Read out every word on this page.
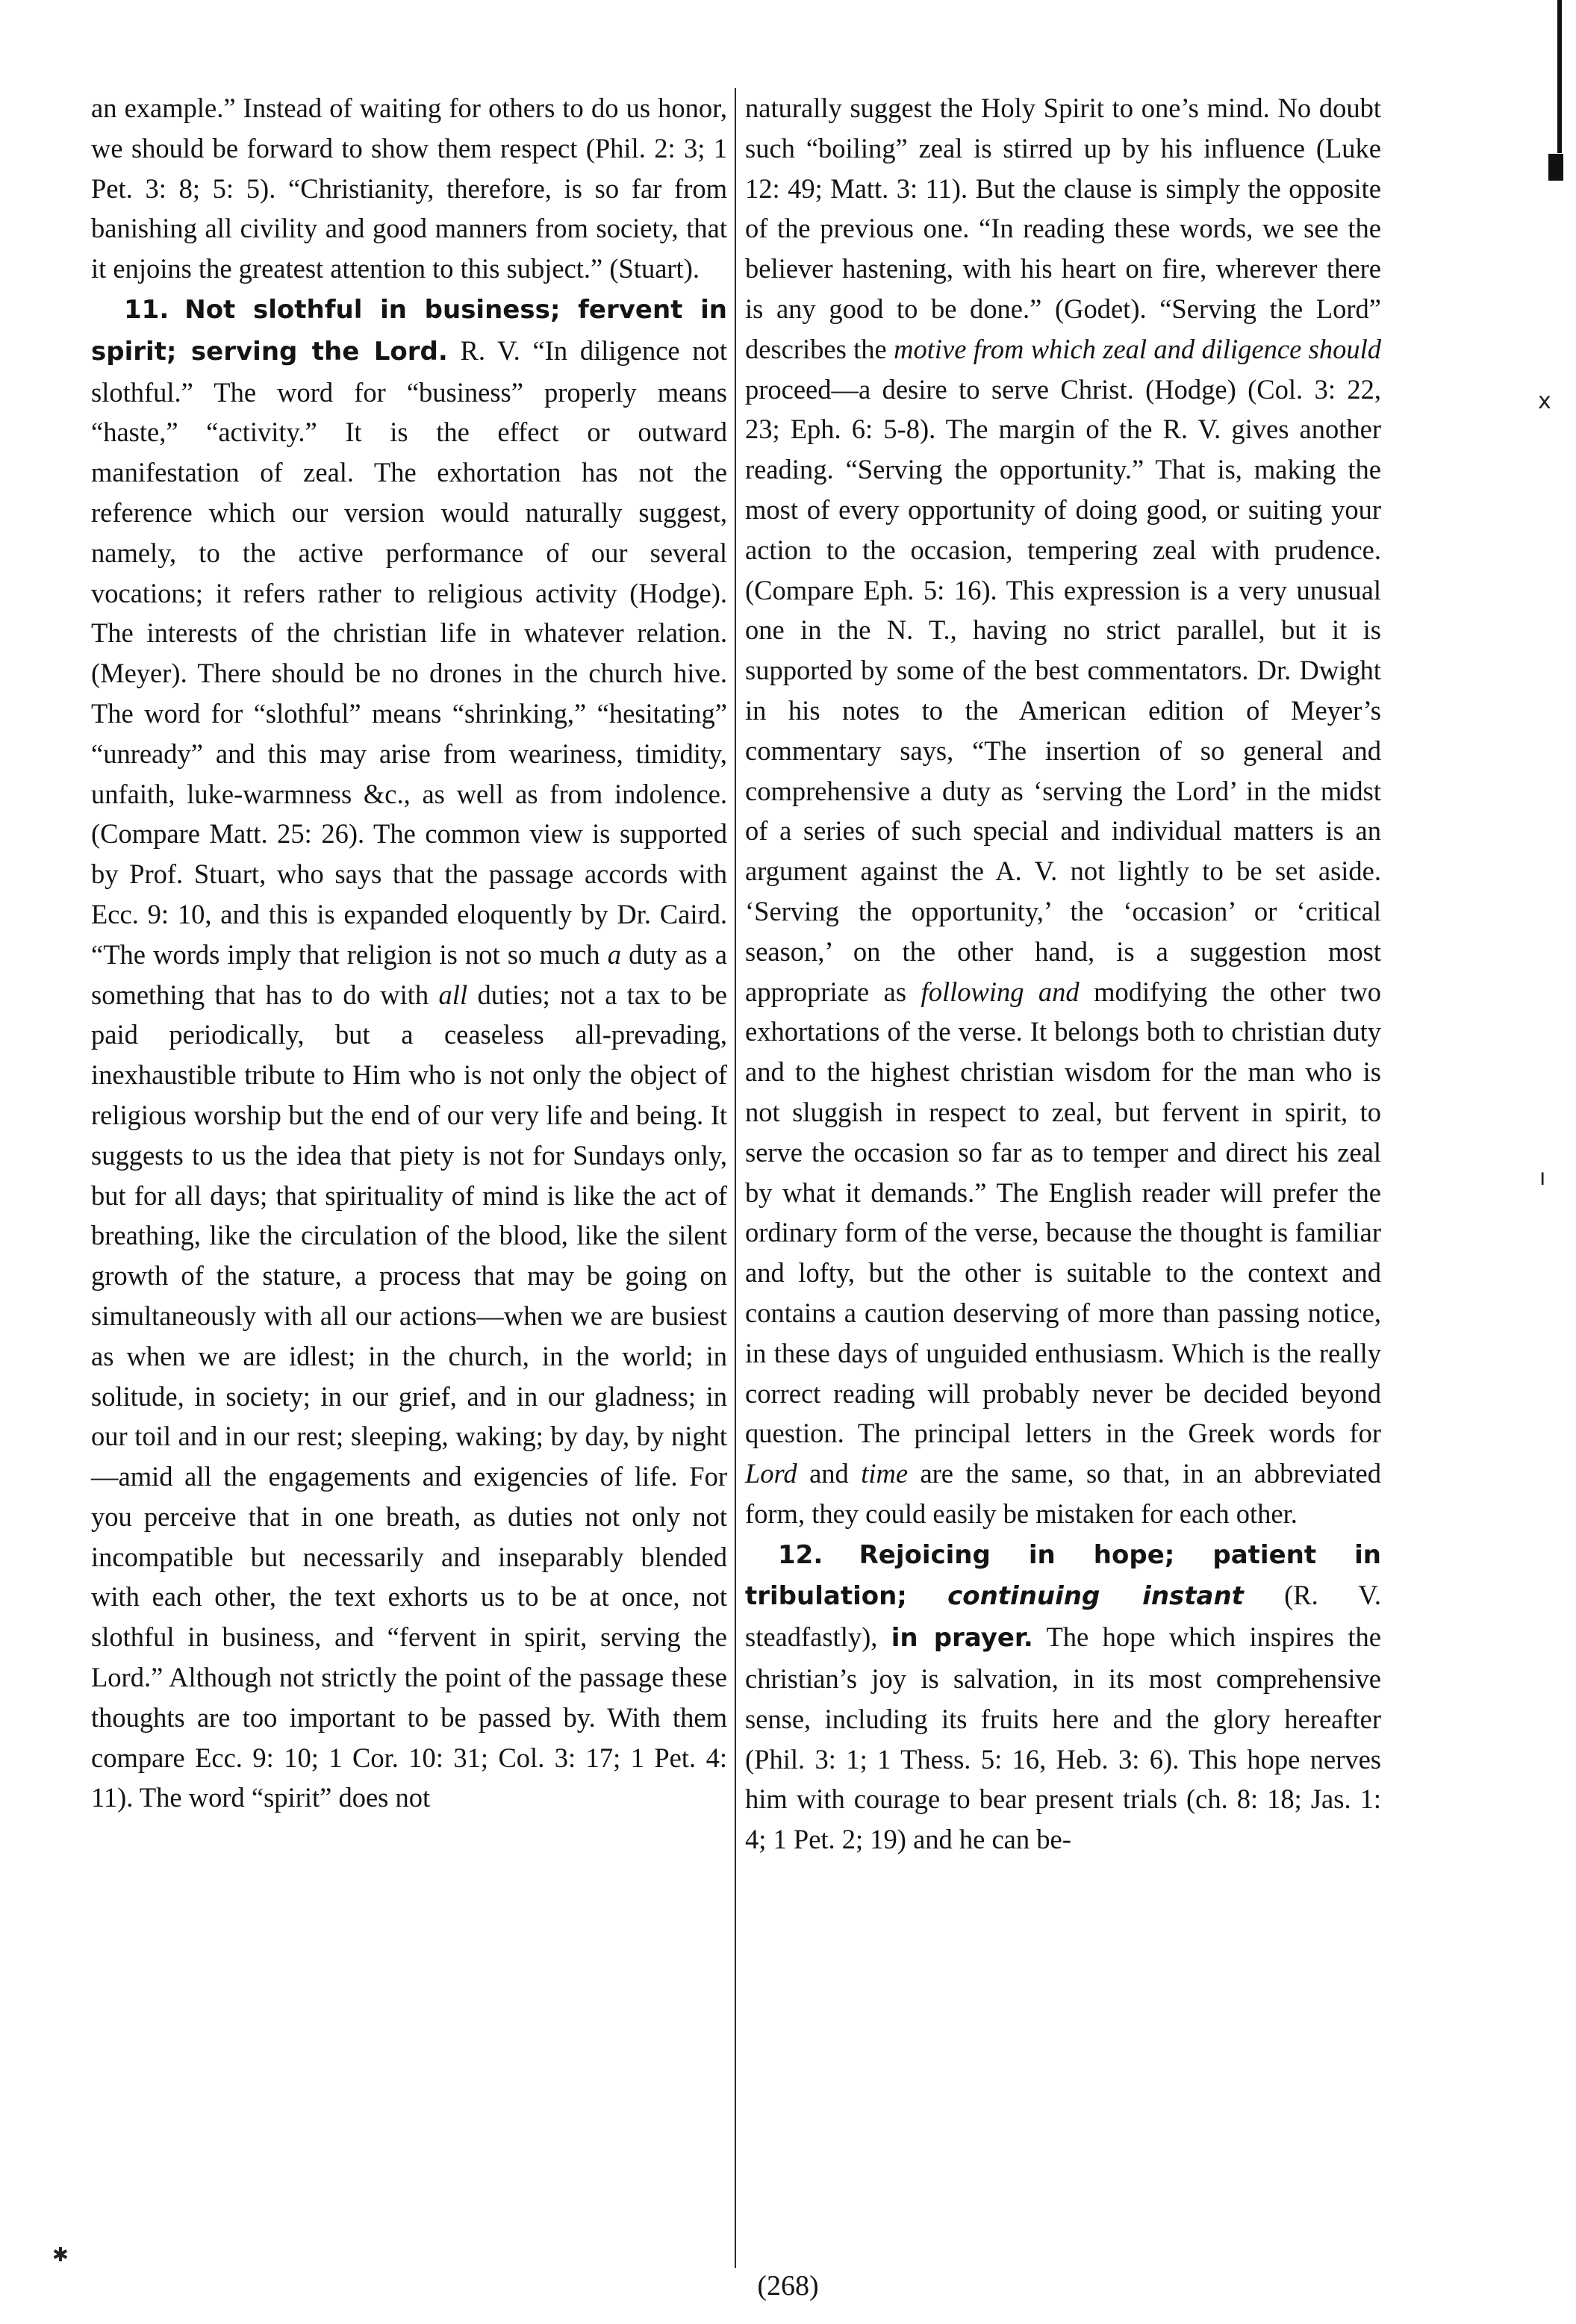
an example.” Instead of waiting for others to do us honor, we should be forward to show them respect (Phil. 2: 3; 1 Pet. 3: 8; 5: 5). “Christianity, therefore, is so far from banishing all civility and good manners from society, that it enjoins the greatest attention to this subject.” (Stuart).

11. Not slothful in business; fervent in spirit; serving the Lord. R. V. “In diligence not slothful.” The word for “business” properly means “haste,” “activity.” It is the effect or outward manifestation of zeal. The exhortation has not the reference which our version would naturally suggest, namely, to the active performance of our several vocations; it refers rather to religious activity (Hodge). The interests of the christian life in whatever relation. (Meyer). There should be no drones in the church hive. The word for “slothful” means “shrinking,” “hesitating” “unready” and this may arise from weariness, timidity, unfaith, luke-warmness &c., as well as from indolence. (Compare Matt. 25: 26). The common view is supported by Prof. Stuart, who says that the passage accords with Ecc. 9: 10, and this is expanded eloquently by Dr. Caird. “The words imply that religion is not so much a duty as a something that has to do with all duties; not a tax to be paid periodically, but a ceaseless all-prevading, inexhaustible tribute to Him who is not only the object of religious worship but the end of our very life and being. It suggests to us the idea that piety is not for Sundays only, but for all days; that spirituality of mind is like the act of breathing, like the circulation of the blood, like the silent growth of the stature, a process that may be going on simultaneously with all our actions—when we are busiest as when we are idlest; in the church, in the world; in solitude, in society; in our grief, and in our gladness; in our toil and in our rest; sleeping, waking; by day, by night—amid all the engagements and exigencies of life. For you perceive that in one breath, as duties not only not incompatible but necessarily and inseparably blended with each other, the text exhorts us to be at once, not slothful in business, and “fervent in spirit, serving the Lord.” Although not strictly the point of the passage these thoughts are too important to be passed by. With them compare Ecc. 9: 10; 1 Cor. 10: 31; Col. 3: 17; 1 Pet. 4: 11). The word “spirit” does not

naturally suggest the Holy Spirit to one’s mind. No doubt such “boiling” zeal is stirred up by his influence (Luke 12: 49; Matt. 3: 11). But the clause is simply the opposite of the previous one. “In reading these words, we see the believer hastening, with his heart on fire, wherever there is any good to be done.” (Godet). “Serving the Lord” describes the motive from which zeal and diligence should proceed—a desire to serve Christ. (Hodge) (Col. 3: 22, 23; Eph. 6: 5-8). The margin of the R. V. gives another reading. “Serving the opportunity.” That is, making the most of every opportunity of doing good, or suiting your action to the occasion, tempering zeal with prudence. (Compare Eph. 5: 16). This expression is a very unusual one in the N. T., having no strict parallel, but it is supported by some of the best commentators. Dr. Dwight in his notes to the American edition of Meyer’s commentary says, “The insertion of so general and comprehensive a duty as ‘serving the Lord’ in the midst of a series of such special and individual matters is an argument against the A. V. not lightly to be set aside. ‘Serving the opportunity,’ the ‘occasion’ or ‘critical season,’ on the other hand, is a suggestion most appropriate as following and modifying the other two exhortations of the verse. It belongs both to christian duty and to the highest christian wisdom for the man who is not sluggish in respect to zeal, but fervent in spirit, to serve the occasion so far as to temper and direct his zeal by what it demands.” The English reader will prefer the ordinary form of the verse, because the thought is familiar and lofty, but the other is suitable to the context and contains a caution deserving of more than passing notice, in these days of unguided enthusiasm. Which is the really correct reading will probably never be decided beyond question. The principal letters in the Greek words for Lord and time are the same, so that, in an abbreviated form, they could easily be mistaken for each other.

12. Rejoicing in hope; patient in tribulation; continuing instant (R. V. steadfastly), in prayer. The hope which inspires the christian’s joy is salvation, in its most comprehensive sense, including its fruits here and the glory hereafter (Phil. 3: 1; 1 Thess. 5: 16, Heb. 3: 6). This hope nerves him with courage to bear present trials (ch. 8: 18; Jas. 1: 4; 1 Pet. 2; 19) and he can be-

(268)
x
ı
✱
